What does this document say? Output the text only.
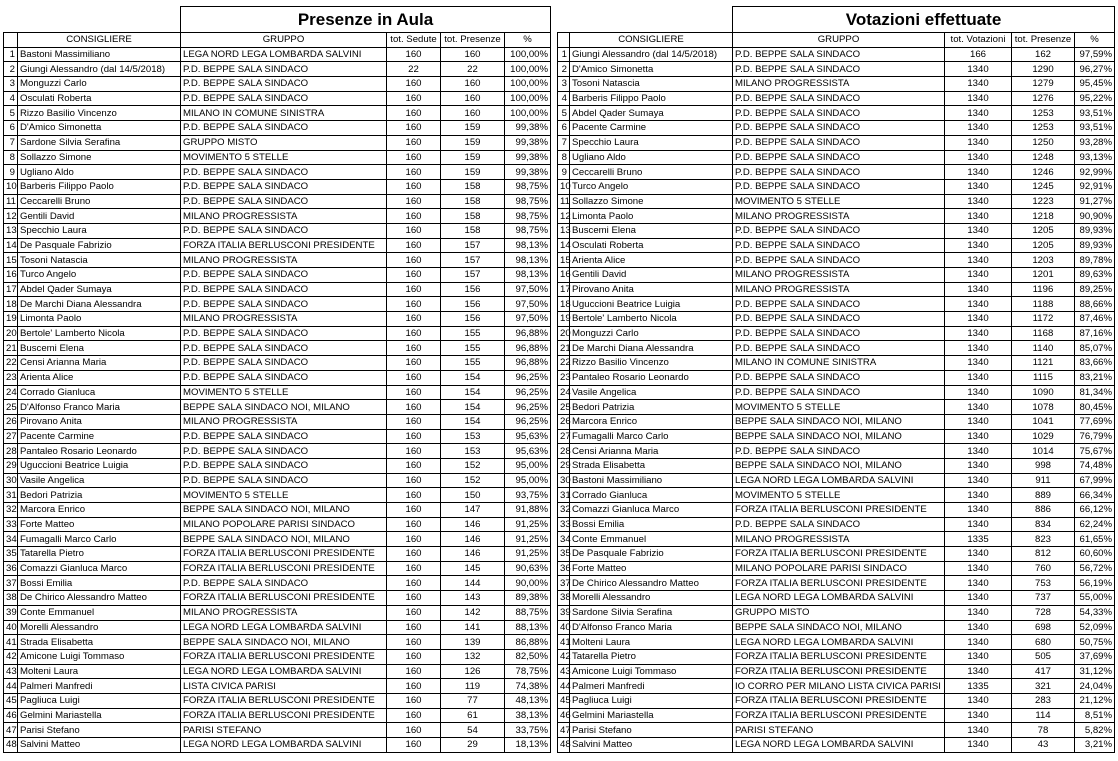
		Presenze in Aula			
	CONSIGLIERE	GRUPPO	tot. Sedute	tot. Presenze	%
1	Bastoni Massimiliano	LEGA NORD LEGA LOMBARDA SALVINI	160	160	100,00%
2	Giungi Alessandro (dal 14/5/2018)	P.D. BEPPE SALA SINDACO	22	22	100,00%
3	Monguzzi Carlo	P.D. BEPPE SALA SINDACO	160	160	100,00%
4	Osculati Roberta	P.D. BEPPE SALA SINDACO	160	160	100,00%
5	Rizzo Basilio Vincenzo	MILANO IN COMUNE SINISTRA	160	160	100,00%
6	D'Amico Simonetta	P.D. BEPPE SALA SINDACO	160	159	99,38%
7	Sardone Silvia Serafina	GRUPPO MISTO	160	159	99,38%
8	Sollazzo Simone	MOVIMENTO 5 STELLE	160	159	99,38%
9	Ugliano Aldo	P.D. BEPPE SALA SINDACO	160	159	99,38%
10	Barberis Filippo Paolo	P.D. BEPPE SALA SINDACO	160	158	98,75%
11	Ceccarelli Bruno	P.D. BEPPE SALA SINDACO	160	158	98,75%
12	Gentili David	MILANO PROGRESSISTA	160	158	98,75%
13	Specchio Laura	P.D. BEPPE SALA SINDACO	160	158	98,75%
14	De Pasquale Fabrizio	FORZA ITALIA BERLUSCONI PRESIDENTE	160	157	98,13%
15	Tosoni Natascia	MILANO PROGRESSISTA	160	157	98,13%
16	Turco Angelo	P.D. BEPPE SALA SINDACO	160	157	98,13%
17	Abdel Qader Sumaya	P.D. BEPPE SALA SINDACO	160	156	97,50%
18	De Marchi Diana Alessandra	P.D. BEPPE SALA SINDACO	160	156	97,50%
19	Limonta Paolo	MILANO PROGRESSISTA	160	156	97,50%
20	Bertole' Lamberto Nicola	P.D. BEPPE SALA SINDACO	160	155	96,88%
21	Buscemi Elena	P.D. BEPPE SALA SINDACO	160	155	96,88%
22	Censi Arianna Maria	P.D. BEPPE SALA SINDACO	160	155	96,88%
23	Arienta Alice	P.D. BEPPE SALA SINDACO	160	154	96,25%
24	Corrado Gianluca	MOVIMENTO 5 STELLE	160	154	96,25%
25	D'Alfonso Franco Maria	BEPPE SALA SINDACO NOI, MILANO	160	154	96,25%
26	Pirovano Anita	MILANO PROGRESSISTA	160	154	96,25%
27	Pacente Carmine	P.D. BEPPE SALA SINDACO	160	153	95,63%
28	Pantaleo Rosario Leonardo	P.D. BEPPE SALA SINDACO	160	153	95,63%
29	Uguccioni Beatrice Luigia	P.D. BEPPE SALA SINDACO	160	152	95,00%
30	Vasile Angelica	P.D. BEPPE SALA SINDACO	160	152	95,00%
31	Bedori Patrizia	MOVIMENTO 5 STELLE	160	150	93,75%
32	Marcora Enrico	BEPPE SALA SINDACO NOI, MILANO	160	147	91,88%
33	Forte Matteo	MILANO POPOLARE PARISI SINDACO	160	146	91,25%
34	Fumagalli Marco Carlo	BEPPE SALA SINDACO NOI, MILANO	160	146	91,25%
35	Tatarella Pietro	FORZA ITALIA BERLUSCONI PRESIDENTE	160	146	91,25%
36	Comazzi Gianluca Marco	FORZA ITALIA BERLUSCONI PRESIDENTE	160	145	90,63%
37	Bossi Emilia	P.D. BEPPE SALA SINDACO	160	144	90,00%
38	De Chirico Alessandro Matteo	FORZA ITALIA BERLUSCONI PRESIDENTE	160	143	89,38%
39	Conte Emmanuel	MILANO PROGRESSISTA	160	142	88,75%
40	Morelli Alessandro	LEGA NORD LEGA LOMBARDA SALVINI	160	141	88,13%
41	Strada Elisabetta	BEPPE SALA SINDACO NOI, MILANO	160	139	86,88%
42	Amicone Luigi Tommaso	FORZA ITALIA BERLUSCONI PRESIDENTE	160	132	82,50%
43	Molteni Laura	LEGA NORD LEGA LOMBARDA SALVINI	160	126	78,75%
44	Palmeri Manfredi	LISTA CIVICA PARISI	160	119	74,38%
45	Pagliuca Luigi	FORZA ITALIA BERLUSCONI PRESIDENTE	160	77	48,13%
46	Gelmini Mariastella	FORZA ITALIA BERLUSCONI PRESIDENTE	160	61	38,13%
47	Parisi Stefano	PARISI STEFANO	160	54	33,75%
48	Salvini Matteo	LEGA NORD LEGA LOMBARDA SALVINI	160	29	18,13%
		Votazioni effettuate			
	CONSIGLIERE	GRUPPO	tot. Votazioni	tot. Presenze	%
1	Giungi Alessandro (dal 14/5/2018)	P.D. BEPPE SALA SINDACO	166	162	97,59%
2	D'Amico Simonetta	P.D. BEPPE SALA SINDACO	1340	1290	96,27%
3	Tosoni Natascia	MILANO PROGRESSISTA	1340	1279	95,45%
4	Barberis Filippo Paolo	P.D. BEPPE SALA SINDACO	1340	1276	95,22%
5	Abdel Qader Sumaya	P.D. BEPPE SALA SINDACO	1340	1253	93,51%
6	Pacente Carmine	P.D. BEPPE SALA SINDACO	1340	1253	93,51%
7	Specchio Laura	P.D. BEPPE SALA SINDACO	1340	1250	93,28%
8	Ugliano Aldo	P.D. BEPPE SALA SINDACO	1340	1248	93,13%
9	Ceccarelli Bruno	P.D. BEPPE SALA SINDACO	1340	1246	92,99%
10	Turco Angelo	P.D. BEPPE SALA SINDACO	1340	1245	92,91%
11	Sollazzo Simone	MOVIMENTO 5 STELLE	1340	1223	91,27%
12	Limonta Paolo	MILANO PROGRESSISTA	1340	1218	90,90%
13	Buscemi Elena	P.D. BEPPE SALA SINDACO	1340	1205	89,93%
14	Osculati Roberta	P.D. BEPPE SALA SINDACO	1340	1205	89,93%
15	Arienta Alice	P.D. BEPPE SALA SINDACO	1340	1203	89,78%
16	Gentili David	MILANO PROGRESSISTA	1340	1201	89,63%
17	Pirovano Anita	MILANO PROGRESSISTA	1340	1196	89,25%
18	Uguccioni Beatrice Luigia	P.D. BEPPE SALA SINDACO	1340	1188	88,66%
19	Bertole' Lamberto Nicola	P.D. BEPPE SALA SINDACO	1340	1172	87,46%
20	Monguzzi Carlo	P.D. BEPPE SALA SINDACO	1340	1168	87,16%
21	De Marchi Diana Alessandra	P.D. BEPPE SALA SINDACO	1340	1140	85,07%
22	Rizzo Basilio Vincenzo	MILANO IN COMUNE SINISTRA	1340	1121	83,66%
23	Pantaleo Rosario Leonardo	P.D. BEPPE SALA SINDACO	1340	1115	83,21%
24	Vasile Angelica	P.D. BEPPE SALA SINDACO	1340	1090	81,34%
25	Bedori Patrizia	MOVIMENTO 5 STELLE	1340	1078	80,45%
26	Marcora Enrico	BEPPE SALA SINDACO NOI, MILANO	1340	1041	77,69%
27	Fumagalli Marco Carlo	BEPPE SALA SINDACO NOI, MILANO	1340	1029	76,79%
28	Censi Arianna Maria	P.D. BEPPE SALA SINDACO	1340	1014	75,67%
29	Strada Elisabetta	BEPPE SALA SINDACO NOI, MILANO	1340	998	74,48%
30	Bastoni Massimiliano	LEGA NORD LEGA LOMBARDA SALVINI	1340	911	67,99%
31	Corrado Gianluca	MOVIMENTO 5 STELLE	1340	889	66,34%
32	Comazzi Gianluca Marco	FORZA ITALIA BERLUSCONI PRESIDENTE	1340	886	66,12%
33	Bossi Emilia	P.D. BEPPE SALA SINDACO	1340	834	62,24%
34	Conte Emmanuel	MILANO PROGRESSISTA	1335	823	61,65%
35	De Pasquale Fabrizio	FORZA ITALIA BERLUSCONI PRESIDENTE	1340	812	60,60%
36	Forte Matteo	MILANO POPOLARE PARISI SINDACO	1340	760	56,72%
37	De Chirico Alessandro Matteo	FORZA ITALIA BERLUSCONI PRESIDENTE	1340	753	56,19%
38	Morelli Alessandro	LEGA NORD LEGA LOMBARDA SALVINI	1340	737	55,00%
39	Sardone Silvia Serafina	GRUPPO MISTO	1340	728	54,33%
40	D'Alfonso Franco Maria	BEPPE SALA SINDACO NOI, MILANO	1340	698	52,09%
41	Molteni Laura	LEGA NORD LEGA LOMBARDA SALVINI	1340	680	50,75%
42	Tatarella Pietro	FORZA ITALIA BERLUSCONI PRESIDENTE	1340	505	37,69%
43	Amicone Luigi Tommaso	FORZA ITALIA BERLUSCONI PRESIDENTE	1340	417	31,12%
44	Palmeri Manfredi	IO CORRO PER MILANO LISTA CIVICA PARISI	1335	321	24,04%
45	Pagliuca Luigi	FORZA ITALIA BERLUSCONI PRESIDENTE	1340	283	21,12%
46	Gelmini Mariastella	FORZA ITALIA BERLUSCONI PRESIDENTE	1340	114	8,51%
47	Parisi Stefano	PARISI STEFANO	1340	78	5,82%
48	Salvini Matteo	LEGA NORD LEGA LOMBARDA SALVINI	1340	43	3,21%
